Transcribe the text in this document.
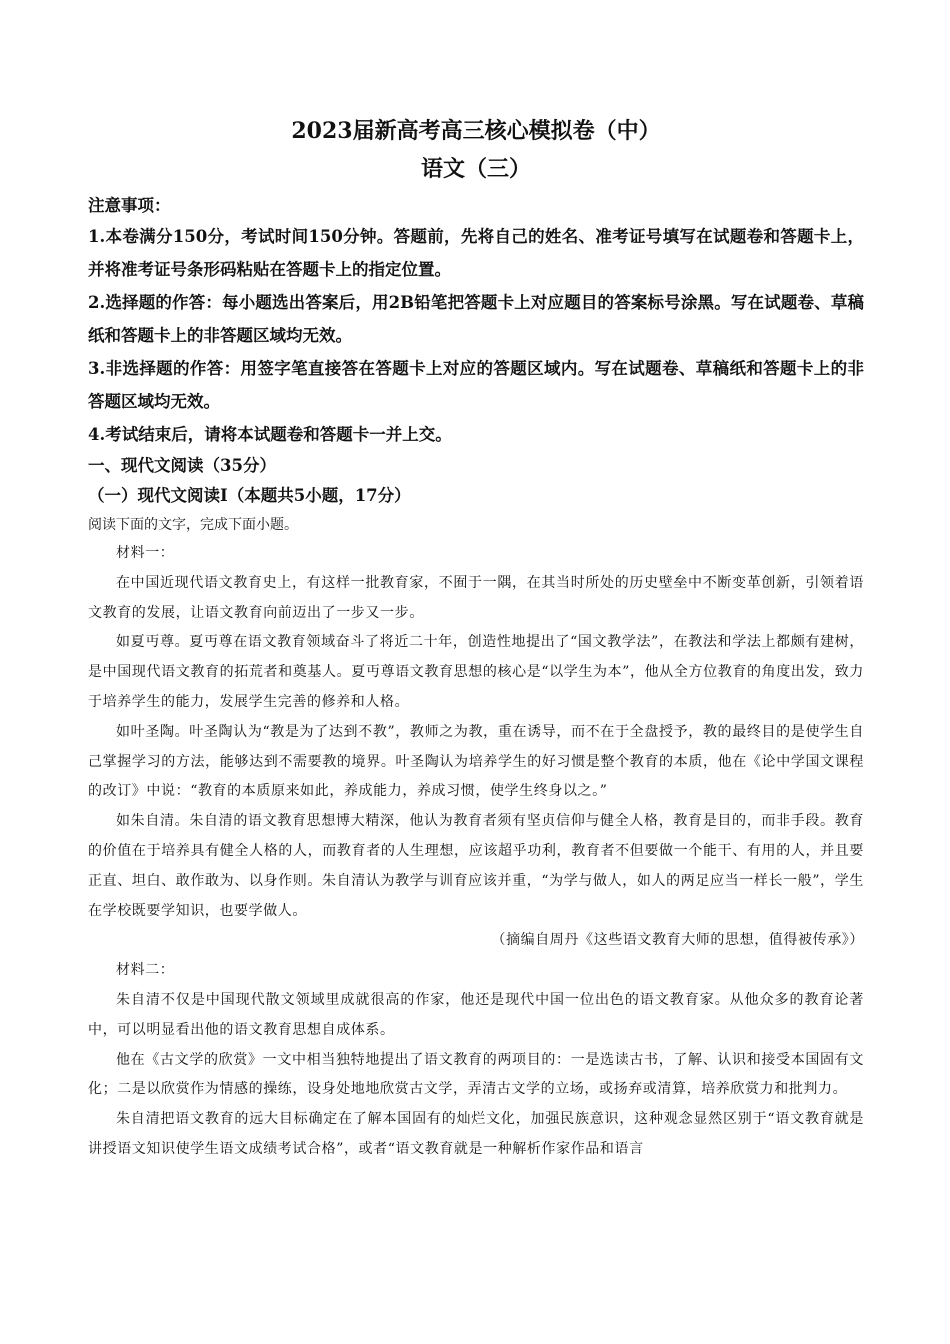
2023届新高考高三核心模拟卷（中）
语文（三）

注意事项：

1.本卷满分150分，考试时间150分钟。答题前，先将自己的姓名、准考证号填写在试题卷和答题卡上，并将准考证号条形码粘贴在答题卡上的指定位置。

2.选择题的作答：每小题选出答案后，用2B铅笔把答题卡上对应题目的答案标号涂黑。写在试题卷、草稿纸和答题卡上的非答题区域均无效。

3.非选择题的作答：用签字笔直接答在答题卡上对应的答题区域内。写在试题卷、草稿纸和答题卡上的非答题区域均无效。

4.考试结束后，请将本试题卷和答题卡一并上交。

一、现代文阅读（35分）

（一）现代文阅读Ⅰ（本题共5小题，17分）

阅读下面的文字，完成下面小题。

材料一：

在中国近现代语文教育史上，有这样一批教育家，不囿于一隅，在其当时所处的历史壁垒中不断变革创新，引领着语文教育的发展，让语文教育向前迈出了一步又一步。

如夏丏尊。夏丏尊在语文教育领域奋斗了将近二十年，创造性地提出了“国文教学法”，在教法和学法上都颇有建树，是中国现代语文教育的拓荒者和奠基人。夏丏尊语文教育思想的核心是“以学生为本”，他从全方位教育的角度出发，致力于培养学生的能力，发展学生完善的修养和人格。

如叶圣陶。叶圣陶认为“教是为了达到不教”，教师之为教，重在诱导，而不在于全盘授予，教的最终目的是使学生自己掌握学习的方法，能够达到不需要教的境界。叶圣陶认为培养学生的好习惯是整个教育的本质，他在《论中学国文课程的改订》中说：“教育的本质原来如此，养成能力，养成习惯，使学生终身以之。”

如朱自清。朱自清的语文教育思想博大精深，他认为教育者须有坚贞信仰与健全人格，教育是目的，而非手段。教育的价值在于培养具有健全人格的人，而教育者的人生理想，应该超乎功利，教育者不但要做一个能干、有用的人，并且要正直、坦白、敢作敢为、以身作则。朱自清认为教学与训育应该并重，“为学与做人，如人的两足应当一样长一般”，学生在学校既要学知识，也要学做人。

（摘编自周丹《这些语文教育大师的思想，值得被传承》）

材料二：

朱自清不仅是中国现代散文领域里成就很高的作家，他还是现代中国一位出色的语文教育家。从他众多的教育论著中，可以明显看出他的语文教育思想自成体系。

他在《古文学的欣赏》一文中相当独特地提出了语文教育的两项目的：一是选读古书，了解、认识和接受本国固有文化；二是以欣赏作为情感的操练，设身处地地欣赏古文学，弄清古文学的立场，或扬弃或清算，培养欣赏力和批判力。

朱自清把语文教育的远大目标确定在了解本国固有的灿烂文化，加强民族意识，这种观念显然区别于“语文教育就是讲授语文知识使学生语文成绩考试合格”，或者“语文教育就是一种解析作家作品和语言
